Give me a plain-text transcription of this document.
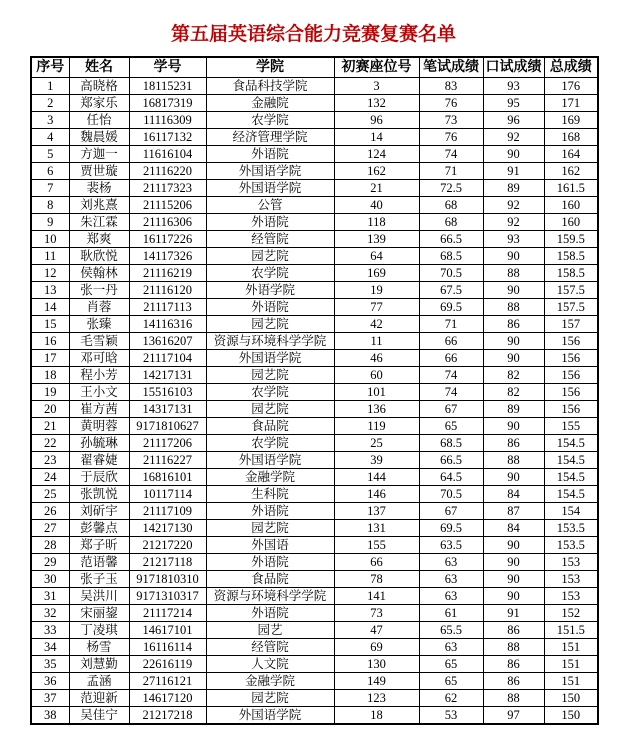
第五届英语综合能力竞赛复赛名单
序号	姓名	学号	学院	初赛座位号	笔试成绩	口试成绩	总成绩
1	高晓格	18115231	食品科技学院	3	83	93	176
2	郑家乐	16817319	金融院	132	76	95	171
3	任怡	11116309	农学院	96	73	96	169
4	魏晨媛	16117132	经济管理学院	14	76	92	168
5	方迦一	11616104	外语院	124	74	90	164
6	贾世璇	21116220	外国语学院	162	71	91	162
7	裴杨	21117323	外国语学院	21	72.5	89	161.5
8	刘兆熹	21115206	公管	40	68	92	160
9	朱江霖	21116306	外语院	118	68	92	160
10	郑爽	16117226	经管院	139	66.5	93	159.5
11	耿欣悦	14117326	园艺院	64	68.5	90	158.5
12	侯翰林	21116219	农学院	169	70.5	88	158.5
13	张一丹	21116120	外语学院	19	67.5	90	157.5
14	肖蓉	21117113	外语院	77	69.5	88	157.5
15	张臻	14116316	园艺院	42	71	86	157
16	毛雪颖	13616207	资源与环境科学学院	11	66	90	156
17	邓可晗	21117104	外国语学院	46	66	90	156
18	程小芳	14217131	园艺院	60	74	82	156
19	王小文	15516103	农学院	101	74	82	156
20	崔方茜	14317131	园艺院	136	67	89	156
21	黄明蓉	9171810627	食品院	119	65	90	155
22	孙毓琳	21117206	农学院	25	68.5	86	154.5
23	翟睿婕	21116227	外国语学院	39	66.5	88	154.5
24	于辰欣	16816101	金融学院	144	64.5	90	154.5
25	张凯悦	10117114	生科院	146	70.5	84	154.5
26	刘斫宇	21117109	外语院	137	67	87	154
27	彭馨点	14217130	园艺院	131	69.5	84	153.5
28	郑子昕	21217220	外国语	155	63.5	90	153.5
29	范语馨	21217118	外语院	66	63	90	153
30	张子玉	9171810310	食品院	78	63	90	153
31	吴洪川	9171310317	资源与环境科学学院	141	63	90	153
32	宋丽鋆	21117214	外语院	73	61	91	152
33	丁凌琪	14617101	园艺	47	65.5	86	151.5
34	杨雪	16116114	经管院	69	63	88	151
35	刘慧勤	22616119	人文院	130	65	86	151
36	孟涵	27116121	金融学院	149	65	86	151
37	范迎新	14617120	园艺院	123	62	88	150
38	吴佳宁	21217218	外国语学院	18	53	97	150
